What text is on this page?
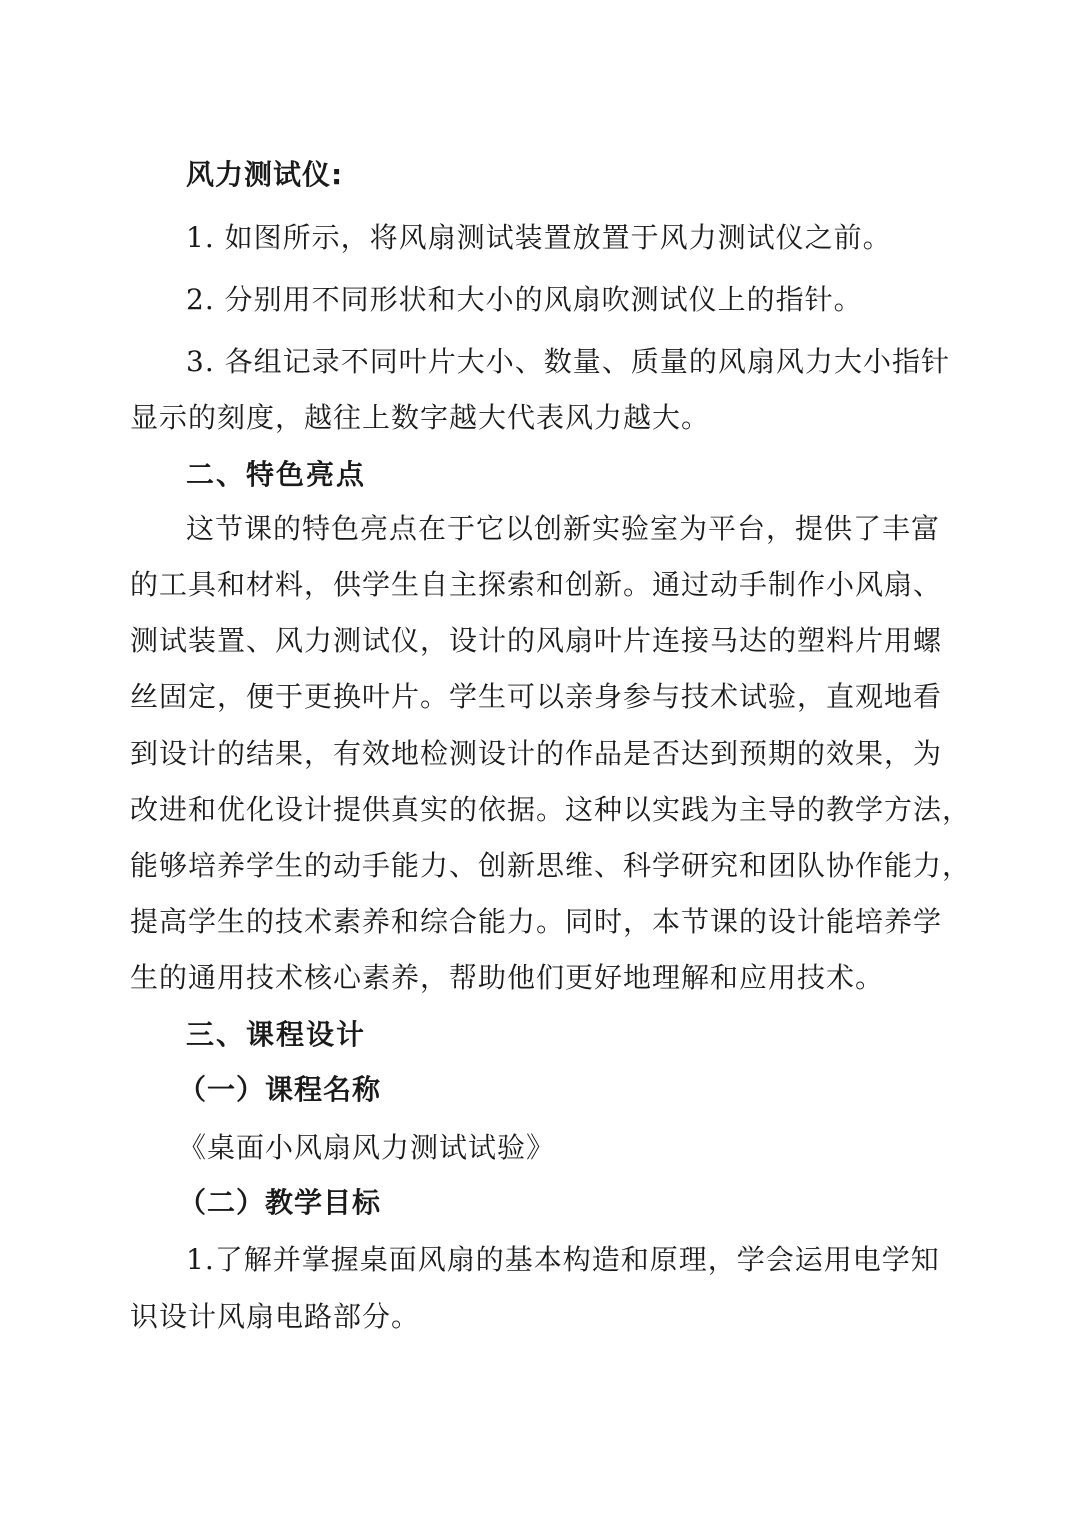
风力测试仪:
1. 如图所示，将风扇测试装置放置于风力测试仪之前。
2. 分别用不同形状和大小的风扇吹测试仪上的指针。
3. 各组记录不同叶片大小、数量、质量的风扇风力大小指针
显示的刻度，越往上数字越大代表风力越大。
二、特色亮点
这节课的特色亮点在于它以创新实验室为平台，提供了丰富
的工具和材料，供学生自主探索和创新。通过动手制作小风扇、
测试装置、风力测试仪，设计的风扇叶片连接马达的塑料片用螺
丝固定，便于更换叶片。学生可以亲身参与技术试验，直观地看
到设计的结果，有效地检测设计的作品是否达到预期的效果，为
改进和优化设计提供真实的依据。这种以实践为主导的教学方法，
能够培养学生的动手能力、创新思维、科学研究和团队协作能力，
提高学生的技术素养和综合能力。同时，本节课的设计能培养学
生的通用技术核心素养，帮助他们更好地理解和应用技术。
三、课程设计
（一）课程名称
《桌面小风扇风力测试试验》
（二）教学目标
1.了解并掌握桌面风扇的基本构造和原理，学会运用电学知
识设计风扇电路部分。
